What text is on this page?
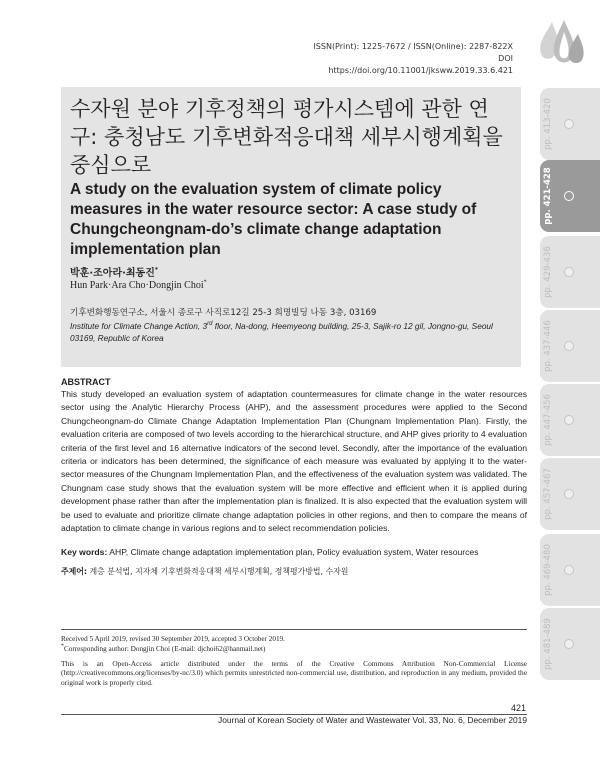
ISSN(Print): 1225-7672 / ISSN(Online): 2287-822X
DOI https://doi.org/10.11001/jksww.2019.33.6.421
수자원 분야 기후정책의 평가시스템에 관한 연구: 충청남도 기후변화적응대책 세부시행계획을 중심으로
A study on the evaluation system of climate policy measures in the water resource sector: A case study of Chungcheongnam-do’s climate change adaptation implementation plan
박훈·조아라·최동진*
Hun Park·Ara Cho·Dongjin Choi*
기후변화행동연구소, 서울시 종로구 사직로12길 25-3 희명빌딩 나동 3층, 03169
Institute for Climate Change Action, 3rd floor, Na-dong, Heemyeong building, 25-3, Sajik-ro 12 gil, Jongno-gu, Seoul 03169, Republic of Korea
pp. 413-420
pp. 421-428
pp. 429-436
pp. 437-446
pp. 447-456
pp. 457-467
pp. 469-480
pp. 481-489
ABSTRACT

This study developed an evaluation system of adaptation countermeasures for climate change in the water resources sector using the Analytic Hierarchy Process (AHP), and the assessment procedures were applied to the Second Chungcheongnam-do Climate Change Adaptation Implementation Plan (Chungnam Implementation Plan). Firstly, the evaluation criteria are composed of two levels according to the hierarchical structure, and AHP gives priority to 4 evaluation criteria of the first level and 16 alternative indicators of the second level. Secondly, after the importance of the evaluation criteria or indicators has been determined, the significance of each measure was evaluated by applying it to the water-sector measures of the Chungnam Implementation Plan, and the effectiveness of the evaluation system was validated. The Chungnam case study shows that the evaluation system will be more effective and efficient when it is applied during development phase rather than after the implementation plan is finalized. It is also expected that the evaluation system will be used to evaluate and prioritize climate change adaptation policies in other regions, and then to compare the means of adaptation to climate change in various regions and to select recommendation policies.

Key words: AHP, Climate change adaptation implementation plan, Policy evaluation system, Water resources
주제어: 계층 분석법, 지자체 기후변화적응대책 세부시행계획, 정책평가방법, 수자원
Received 5 April 2019, revised 30 September 2019, accepted 3 October 2019.
*Corresponding author: Dongjin Choi (E-mail: djchoi62@hanmail.net)

This is an Open-Access article distributed under the terms of the Creative Commons Attribution Non-Commercial License (http://creativecommons.org/licenses/by-nc/3.0) which permits unrestricted non-commercial use, distribution, and reproduction in any medium, provided the original work is properly cited.

421
Journal of Korean Society of Water and Wastewater Vol. 33, No. 6, December 2019
